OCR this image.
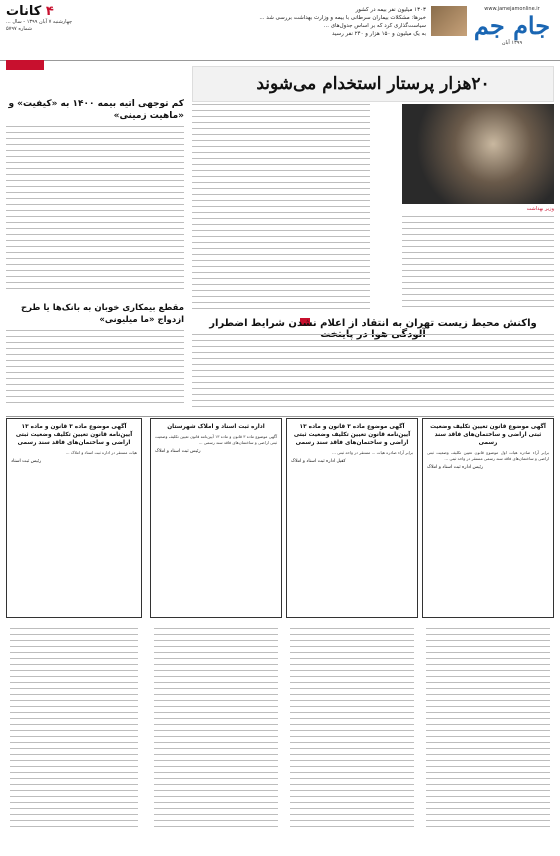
www.jamejamonline.ir
جام جم
۱۳۹۹ آبان
۱۳۰۳ میلیون نفر بیمه در کشور
خبرها: مشکلات بیماران سرطانی با بیمه و وزارت بهداشت بررسی شد ...
سیاست‌گذاری کرد که بر اساس جدول‌های ...
به یک میلیون و ۱۵۰ هزار و ۲۴۰ نفر رسید
۴ کانات
چهارشنبه ۷ آبان ۱۳۹۹ - سال ...
شماره ۵۷۹۷
۲۰هزار پرستار استخدام می‌شوند
وزیر بهداشت
کم توجهی اتیه بیمه ۱۴۰۰ به «کیفیت» و «ماهیت زمینی»
مقطع بیمکاری خوبان به بانک‌ها یا طرح ازدواج «ما میلیونی»	واکنش محیط زیست تهران به انتقاد از اعلام نشدن شرایط اضطرار
آگهی موضوع قانون تعیین تکلیف وضعیت ثبتی اراضی و ساختمان‌های فاقد سند رسمی
برابر آراء صادره هیات اول موضوع قانون تعیین تکلیف وضعیت ثبتی اراضی و ساختمان‌های فاقد سند رسمی مستقر در واحد ثبتی ...
رئیس اداره ثبت اسناد و املاک
آگهی موضوع ماده ۳ قانون و ماده ۱۳ آیین‌نامه قانون تعیین تکلیف وضعیت ثبتی اراضی و ساختمان‌های فاقد سند رسمی
برابر آراء صادره هیات ... مستقر در واحد ثبتی ...
کفیل اداره ثبت اسناد و املاک
اداره ثبت اسناد و املاک شهرستان
آگهی موضوع ماده ۳ قانون و ماده ۱۳ آیین‌نامه قانون تعیین تکلیف وضعیت ثبتی اراضی و ساختمان‌های فاقد سند رسمی ...
رئیس ثبت اسناد و املاک
آگهی موضوع ماده ۳ قانون و ماده ۱۳ آیین‌نامه قانون تعیین تکلیف وضعیت ثبتی اراضی و ساختمان‌های فاقد سند رسمی
هیات مستقر در اداره ثبت اسناد و املاک ...
رئیس ثبت اسناد
